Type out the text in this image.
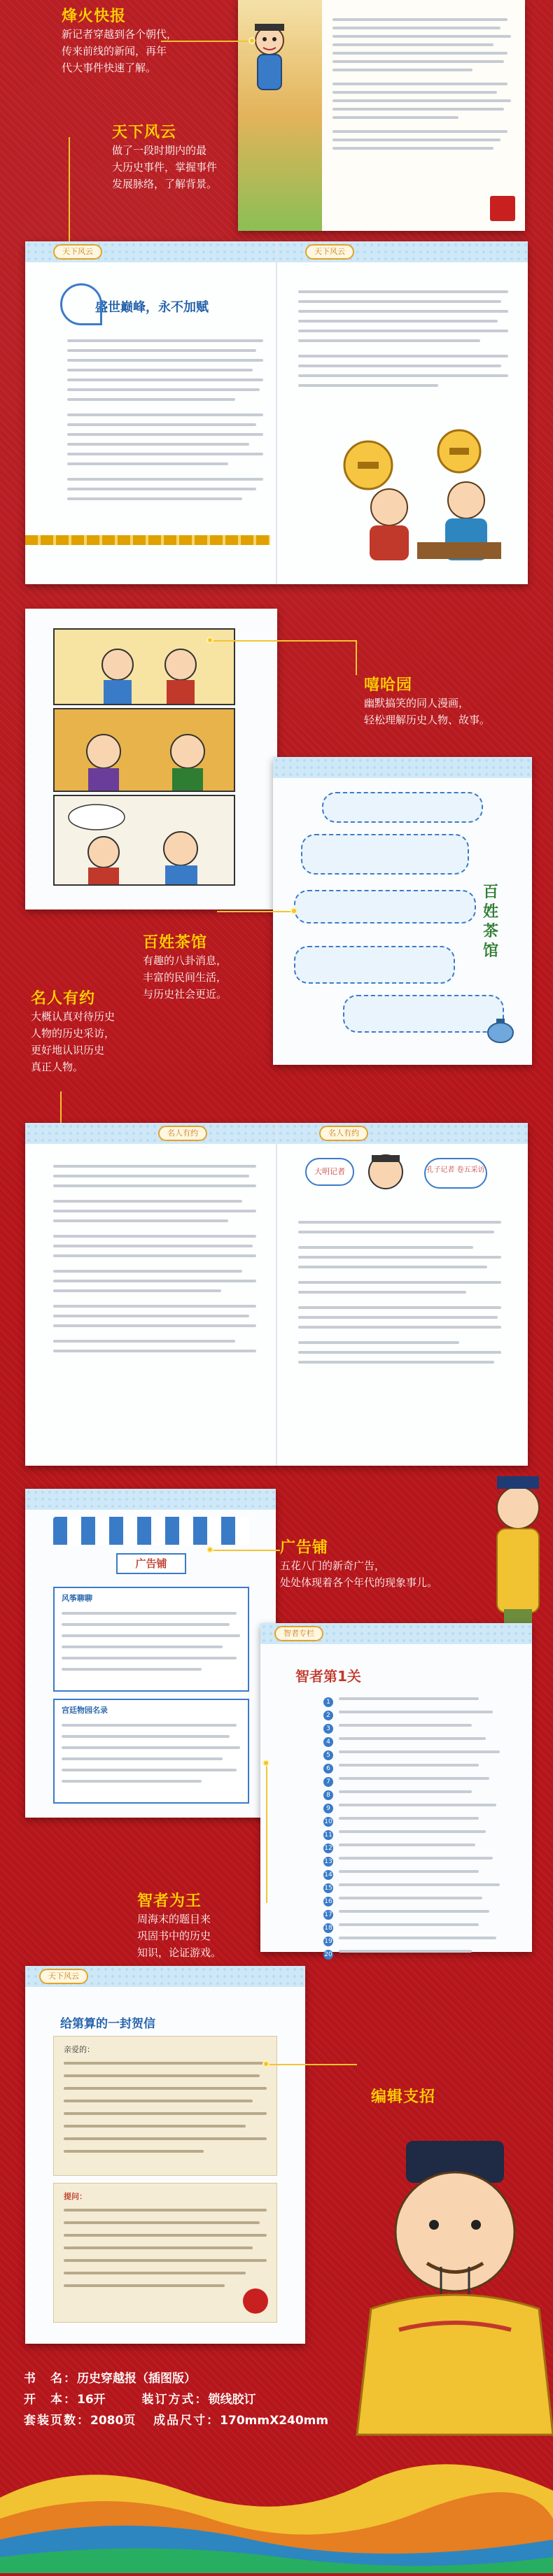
烽火快报
新记者穿越到各个朝代，
传来前线的新闻，再年
代大事件快速了解。
天下风云
做了一段时期内的最
大历史事件，掌握事件
发展脉络，了解背景。
天下风云	天下风云
盛世巅峰，永不加赋
嘻哈园
幽默搞笑的同人漫画，
轻松理解历史人物、故事。
百姓茶馆
百姓茶馆
有趣的八卦消息，
丰富的民间生活，
与历史社会更近。
名人有约
大概认真对待历史
人物的历史采访，
更好地认识历史
真正人物。
名人有约	名人有约
大明记者	孔子记者 卷五采访
广告铺
风筝聊聊
宫廷物园名录
广告铺
五花八门的新奇广告，
处处体现着各个年代的现象事儿。
智者专栏
智者第1关
1
2
3
4
5
6
7
8
9
10
11
12
13
14
15
16
17
18
19
20
智者为王
周海末的题目来
巩固书中的历史
知识，论证游戏。
天下风云
给第算的一封贺信
亲爱的：
提问：
编辑支招
书　名：历史穿越报（插图版）
开　本：16开	装订方式：锁线胶订
套装页数：2080页 成品尺寸：170mmX240mm
